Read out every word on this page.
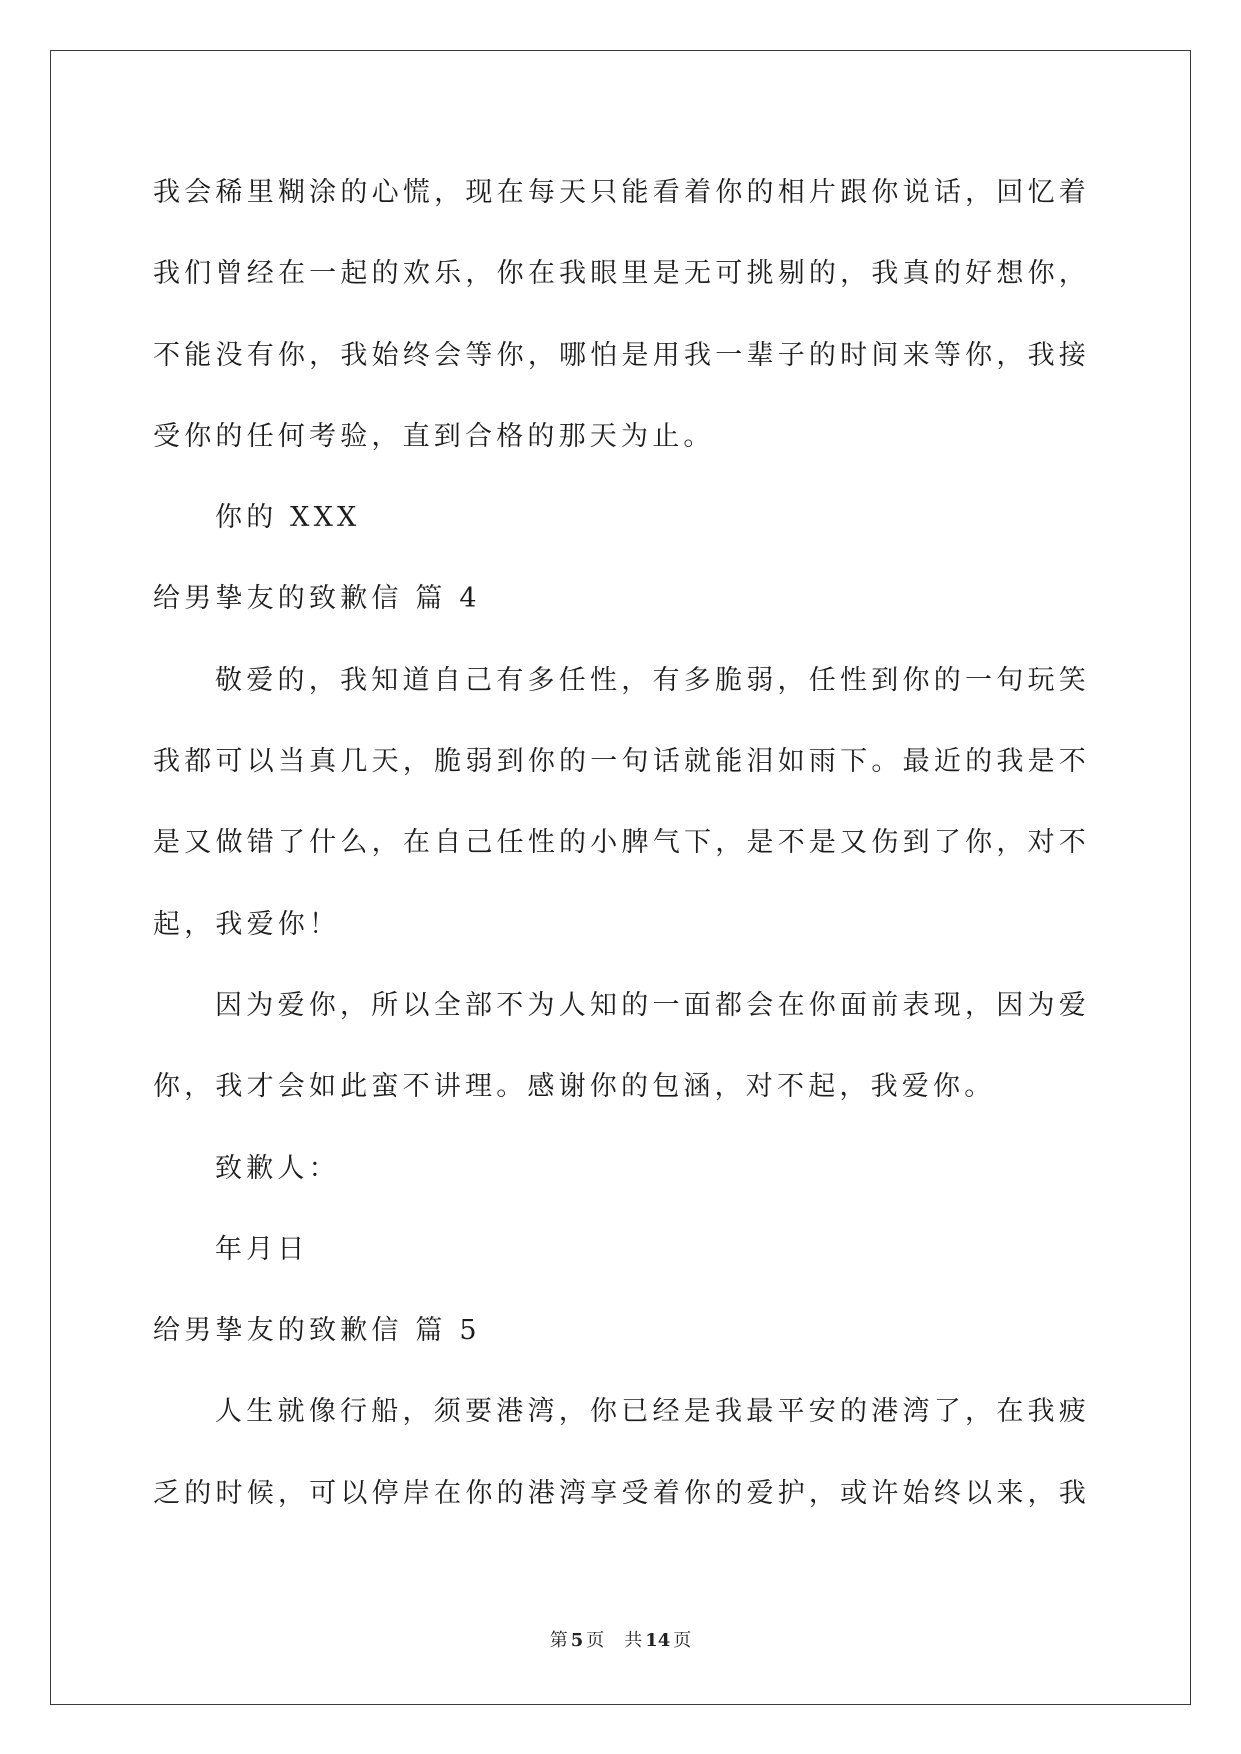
我会稀里糊涂的心慌，现在每天只能看着你的相片跟你说话，回忆着
我们曾经在一起的欢乐，你在我眼里是无可挑剔的，我真的好想你，
不能没有你，我始终会等你，哪怕是用我一辈子的时间来等你，我接
受你的任何考验，直到合格的那天为止。
你的 XXX
给男挚友的致歉信 篇 4
敬爱的，我知道自己有多任性，有多脆弱，任性到你的一句玩笑
我都可以当真几天，脆弱到你的一句话就能泪如雨下。最近的我是不
是又做错了什么，在自己任性的小脾气下，是不是又伤到了你，对不
起，我爱你！
因为爱你，所以全部不为人知的一面都会在你面前表现，因为爱
你，我才会如此蛮不讲理。感谢你的包涵，对不起，我爱你。
致歉人：
年月日
给男挚友的致歉信 篇 5
人生就像行船，须要港湾，你已经是我最平安的港湾了，在我疲
乏的时候，可以停岸在你的港湾享受着你的爱护，或许始终以来，我
第 5 页 共 14 页
